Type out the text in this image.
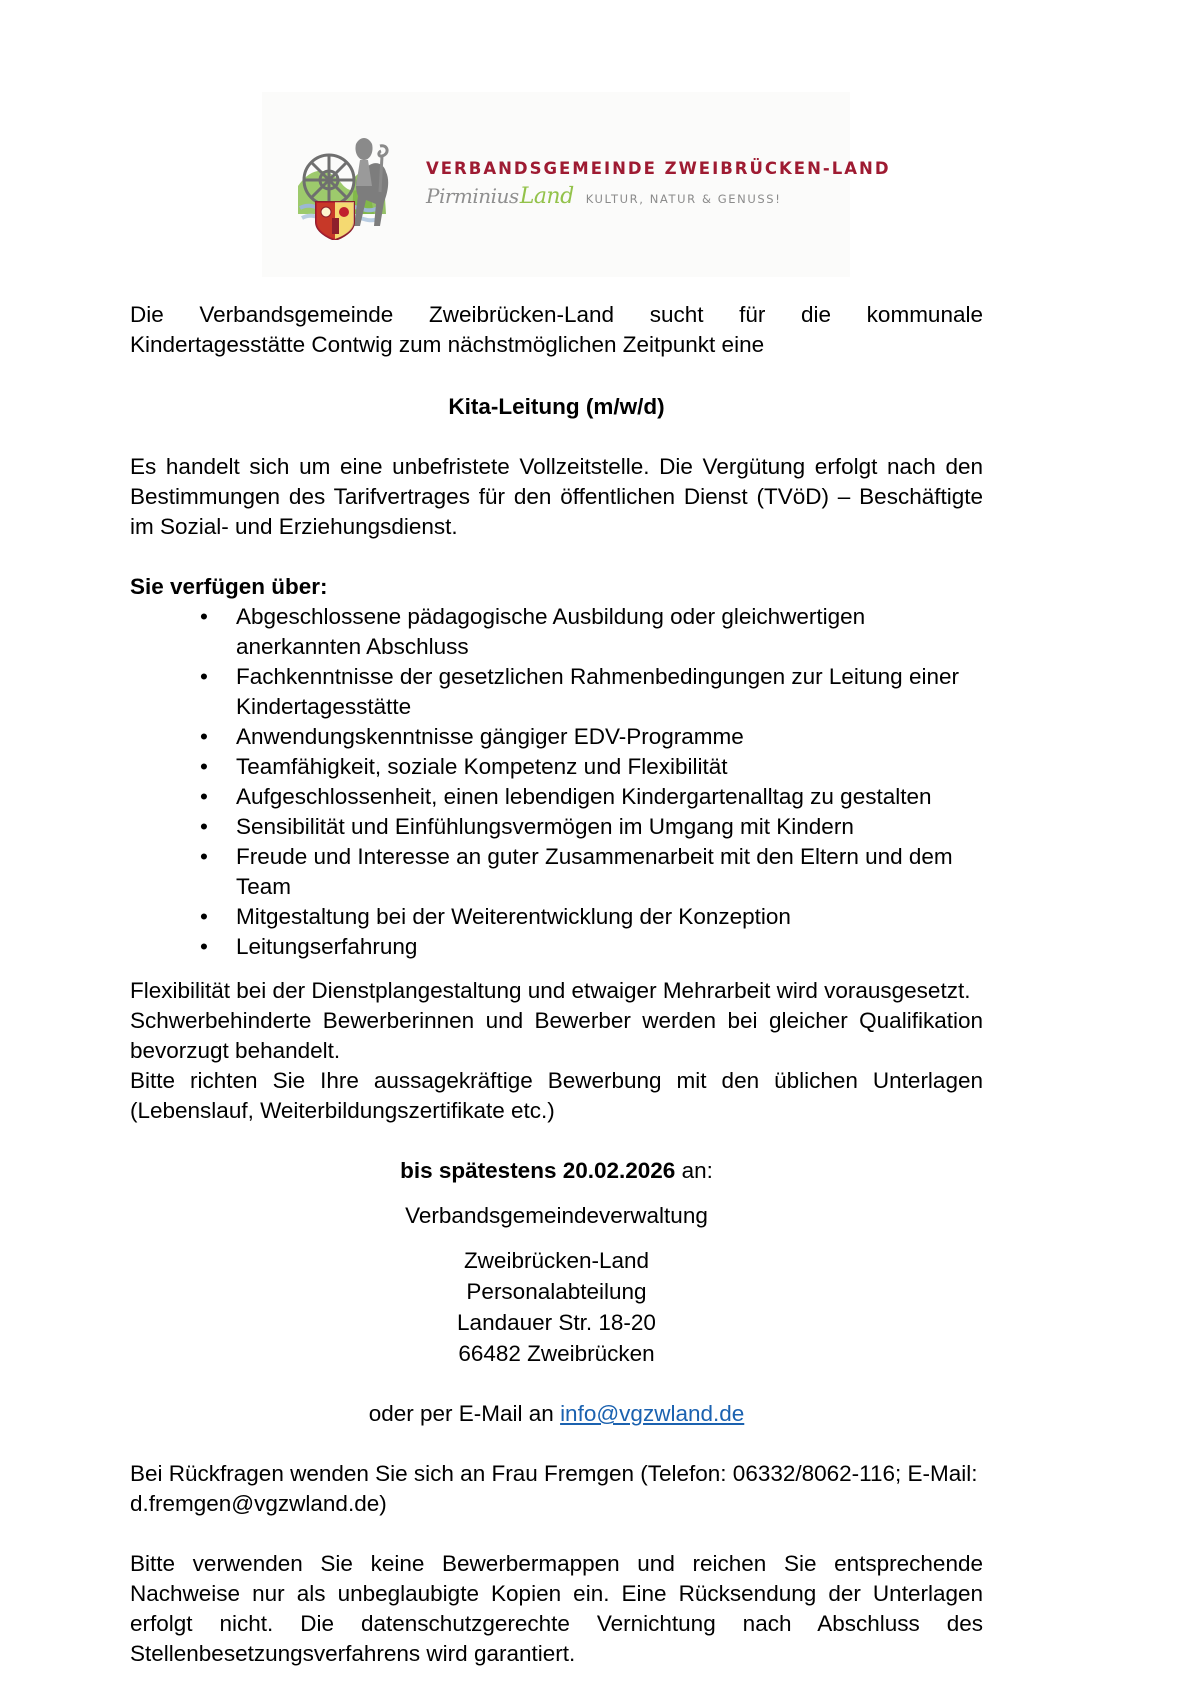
VERBANDSGEMEINDE ZWEIBRÜCKEN-LAND
Pirminius Land KULTUR, NATUR & GENUSS!

Die Verbandsgemeinde Zweibrücken-Land sucht für die kommunale Kindertagesstätte Contwig zum nächstmöglichen Zeitpunkt eine

Kita-Leitung (m/w/d)

Es handelt sich um eine unbefristete Vollzeitstelle. Die Vergütung erfolgt nach den Bestimmungen des Tarifvertrages für den öffentlichen Dienst (TVöD) – Beschäftigte im Sozial- und Erziehungsdienst.

Sie verfügen über:

• Abgeschlossene pädagogische Ausbildung oder gleichwertigen anerkannten Abschluss
• Fachkenntnisse der gesetzlichen Rahmenbedingungen zur Leitung einer Kindertagesstätte
• Anwendungskenntnisse gängiger EDV-Programme
• Teamfähigkeit, soziale Kompetenz und Flexibilität
• Aufgeschlossenheit, einen lebendigen Kindergartenalltag zu gestalten
• Sensibilität und Einfühlungsvermögen im Umgang mit Kindern
• Freude und Interesse an guter Zusammenarbeit mit den Eltern und dem Team
• Mitgestaltung bei der Weiterentwicklung der Konzeption
• Leitungserfahrung

Flexibilität bei der Dienstplangestaltung und etwaiger Mehrarbeit wird vorausgesetzt.

Schwerbehinderte Bewerberinnen und Bewerber werden bei gleicher Qualifikation bevorzugt behandelt.

Bitte richten Sie Ihre aussagekräftige Bewerbung mit den üblichen Unterlagen (Lebenslauf, Weiterbildungszertifikate etc.)

bis spätestens 20.02.2026 an:

Verbandsgemeindeverwaltung
Zweibrücken-Land
Personalabteilung
Landauer Str. 18-20
66482 Zweibrücken

oder per E-Mail an info@vgzwland.de

Bei Rückfragen wenden Sie sich an Frau Fremgen (Telefon: 06332/8062-116; E-Mail: d.fremgen@vgzwland.de)

Bitte verwenden Sie keine Bewerbermappen und reichen Sie entsprechende Nachweise nur als unbeglaubigte Kopien ein. Eine Rücksendung der Unterlagen erfolgt nicht. Die datenschutzgerechte Vernichtung nach Abschluss des Stellenbesetzungsverfahrens wird garantiert.
